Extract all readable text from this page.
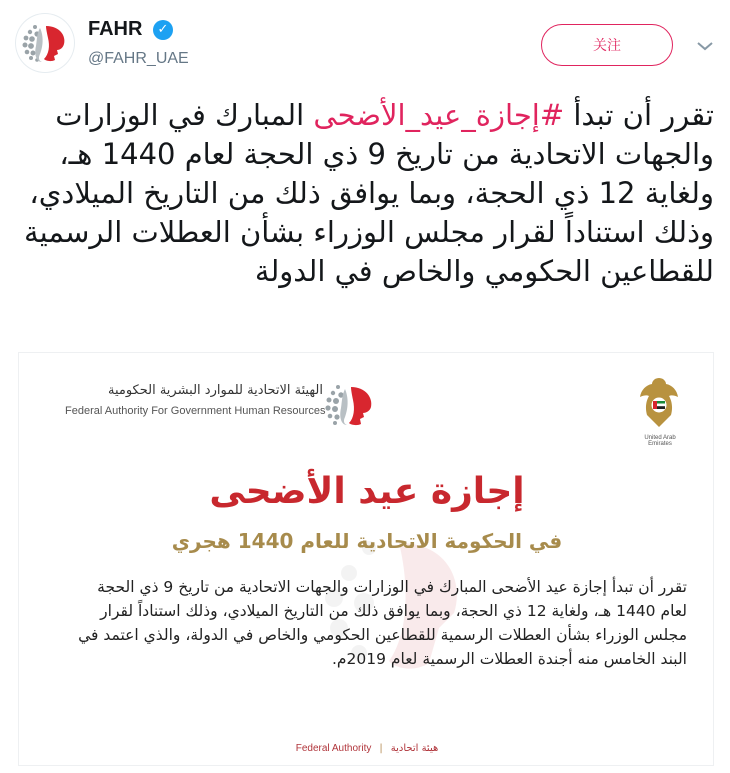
FAHR	✓
@FAHR_UAE
关注
تقرر أن تبدأ #إجازة_عيد_الأضحى المبارك في الوزارات والجهات الاتحادية من تاريخ 9 ذي الحجة لعام 1440 هـ، ولغاية 12 ذي الحجة، وبما يوافق ذلك من التاريخ الميلادي، وذلك استناداً لقرار مجلس الوزراء بشأن العطلات الرسمية للقطاعين الحكومي والخاص في الدولة
الهيئة الاتحادية للموارد البشرية الحكومية
Federal Authority For Government Human Resources
United Arab Emirates
إجازة عيد الأضحى
في الحكومة الاتحادية للعام 1440 هجري
تقرر أن تبدأ إجازة عيد الأضحى المبارك في الوزارات والجهات الاتحادية من تاريخ 9 ذي الحجة لعام 1440 هـ، ولغاية 12 ذي الحجة، وبما يوافق ذلك من التاريخ الميلادي، وذلك استناداً لقرار مجلس الوزراء بشأن العطلات الرسمية للقطاعين الحكومي والخاص في الدولة، والذي اعتمد في البند الخامس منه أجندة العطلات الرسمية لعام 2019م.
Federal Authority | هيئة اتحادية
